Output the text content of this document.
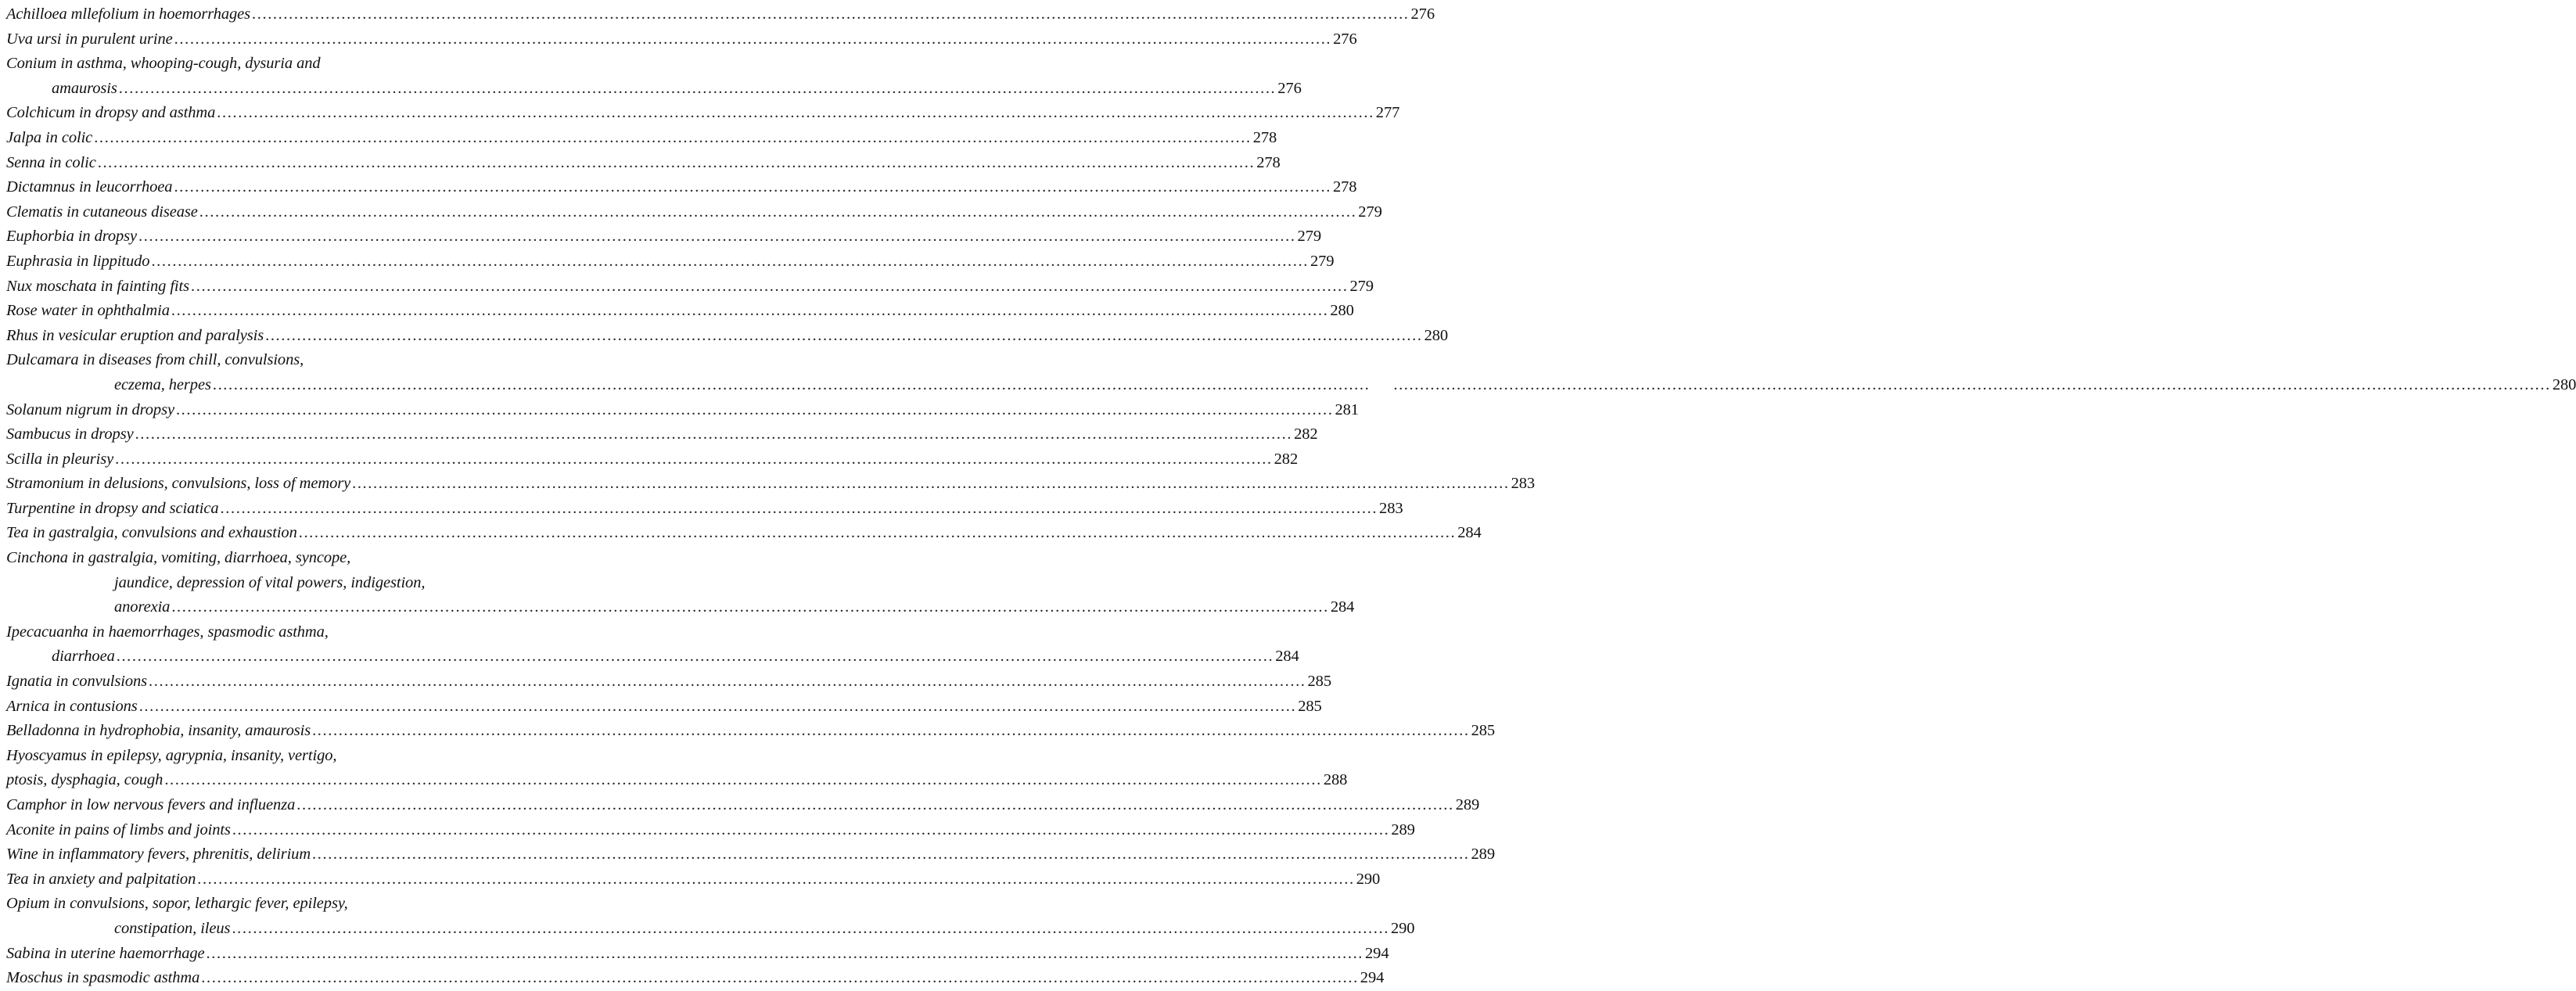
Achilloea mllefolium in hoemorrhages ............................................................................................................................................................................................................................ 276
Uva ursi in purulent urine ............................................................................................................................................................................................................................ 276
Conium in asthma, whooping-cough, dysuria and
amaurosis ............................................................................................................................................................................................................................ 276
Colchicum in dropsy and asthma ............................................................................................................................................................................................................................ 277
Jalpa in colic ............................................................................................................................................................................................................................ 278
Senna in colic ............................................................................................................................................................................................................................ 278
Dictamnus in leucorrhoea ............................................................................................................................................................................................................................ 278
Clematis in cutaneous disease ............................................................................................................................................................................................................................ 279
Euphorbia in dropsy ............................................................................................................................................................................................................................ 279
Euphrasia in lippitudo ............................................................................................................................................................................................................................ 279
Nux moschata in fainting fits ............................................................................................................................................................................................................................ 279
Rose water in ophthalmia ............................................................................................................................................................................................................................ 280
Rhus in vesicular eruption and paralysis ............................................................................................................................................................................................................................ 280
Dulcamara in diseases from chill, convulsions,
eczema, herpes ............................................................................................................................................................................................................................ ............................................................................................................................................................................................................................ 280
Solanum nigrum in dropsy ............................................................................................................................................................................................................................ 281
Sambucus in dropsy ............................................................................................................................................................................................................................ 282
Scilla in pleurisy ............................................................................................................................................................................................................................ 282
Stramonium in delusions, convulsions, loss of memory ............................................................................................................................................................................................................................ 283
Turpentine in dropsy and sciatica ............................................................................................................................................................................................................................ 283
Tea in gastralgia, convulsions and exhaustion ............................................................................................................................................................................................................................ 284
Cinchona in gastralgia, vomiting, diarrhoea, syncope,
jaundice, depression of vital powers, indigestion,
anorexia ............................................................................................................................................................................................................................ 284
Ipecacuanha in haemorrhages, spasmodic asthma,
diarrhoea ............................................................................................................................................................................................................................ 284
Ignatia in convulsions ............................................................................................................................................................................................................................ 285
Arnica in contusions ............................................................................................................................................................................................................................ 285
Belladonna in hydrophobia, insanity, amaurosis ............................................................................................................................................................................................................................ 285
Hyoscyamus in epilepsy, agrypnia, insanity, vertigo,
ptosis, dysphagia, cough ............................................................................................................................................................................................................................ 288
Camphor in low nervous fevers and influenza ............................................................................................................................................................................................................................ 289
Aconite in pains of limbs and joints ............................................................................................................................................................................................................................ 289
Wine in inflammatory fevers, phrenitis, delirium ............................................................................................................................................................................................................................ 289
Tea in anxiety and palpitation ............................................................................................................................................................................................................................ 290
Opium in convulsions, sopor, lethargic fever, epilepsy,
constipation, ileus ............................................................................................................................................................................................................................ 290
Sabina in uterine haemorrhage ............................................................................................................................................................................................................................ 294
Moschus in spasmodic asthma ............................................................................................................................................................................................................................ 294
